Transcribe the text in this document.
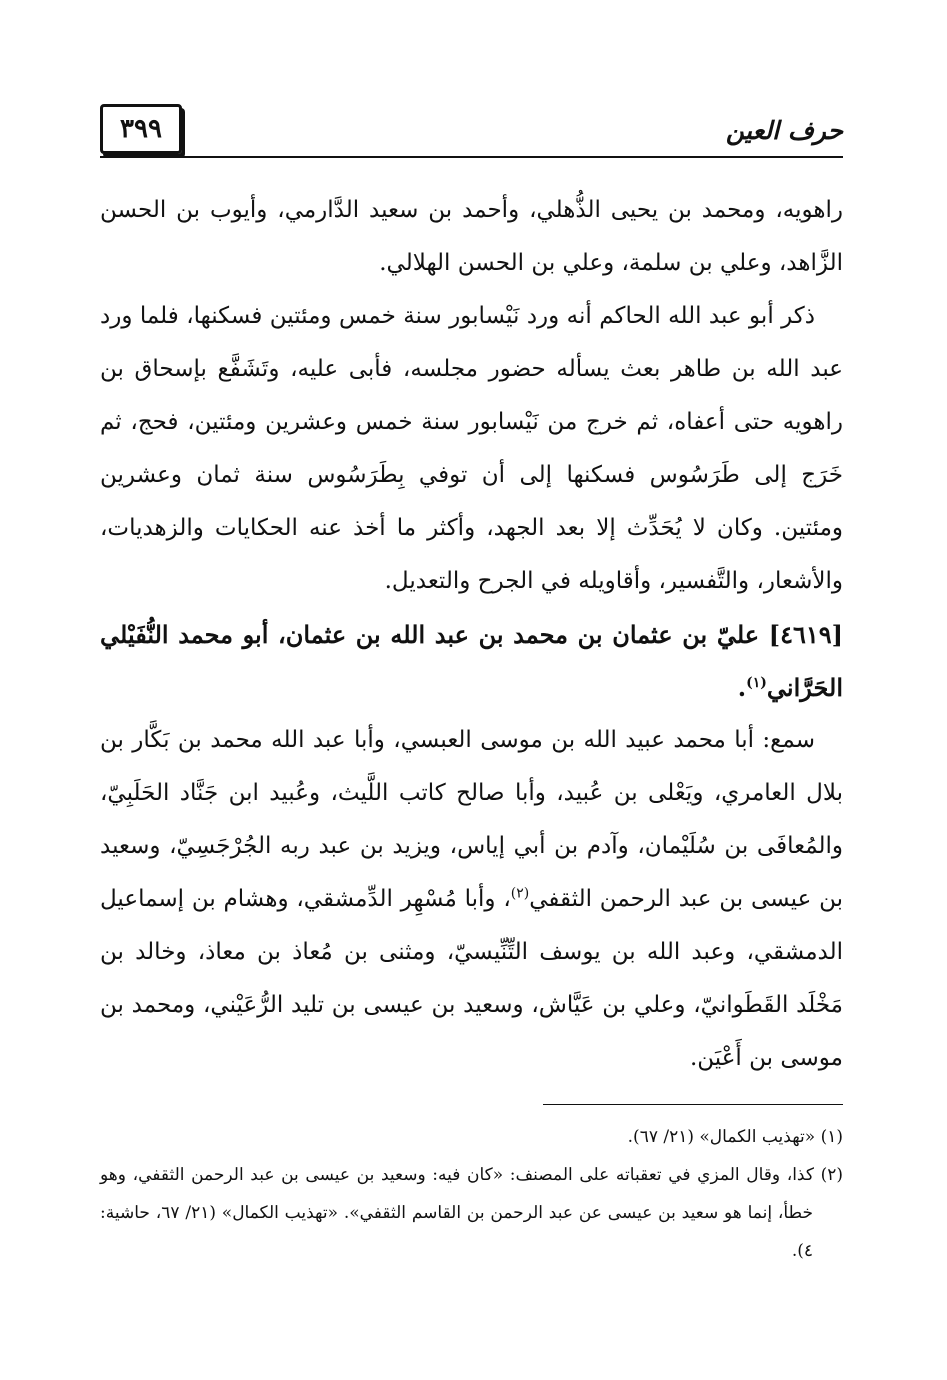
٣٩٩	حرف العين

راهويه، ومحمد بن يحيى الذُّهلي، وأحمد بن سعيد الدَّارمي، وأيوب بن الحسن الزَّاهد، وعلي بن سلمة، وعلي بن الحسن الهلالي.

ذكر أبو عبد الله الحاكم أنه ورد نَيْسابور سنة خمس ومئتين فسكنها، فلما ورد عبد الله بن طاهر بعث يسأله حضور مجلسه، فأبى عليه، وتَشَفَّع بإسحاق بن راهويه حتى أعفاه، ثم خرج من نَيْسابور سنة خمس وعشرين ومئتين، فحج، ثم خَرَج إلى طَرَسُوس فسكنها إلى أن توفي بِطَرَسُوس سنة ثمان وعشرين ومئتين. وكان لا يُحَدِّث إلا بعد الجهد، وأكثر ما أخذ عنه الحكايات والزهديات، والأشعار، والتَّفسير، وأقاويله في الجرح والتعديل.

[٤٦١٩] عليّ بن عثمان بن محمد بن عبد الله بن عثمان، أبو محمد النُّفَيْلي الحَرَّاني$^{(١)}$.

سمع: أبا محمد عبيد الله بن موسى العبسي، وأبا عبد الله محمد بن بَكَّار بن بلال العامري، ويَعْلى بن عُبيد، وأبا صالح كاتب اللَّيث، وعُبيد ابن جَنَّاد الحَلَبِيّ، والمُعافَى بن سُلَيْمان، وآدم بن أبي إياس، ويزيد بن عبد ربه الجُرْجَسِيّ، وسعيد بن عيسى بن عبد الرحمن الثقفي$^{(٢)}$، وأبا مُسْهِر الدِّمشقي، وهشام بن إسماعيل الدمشقي، وعبد الله بن يوسف التِّنِّيسيّ، ومثنى بن مُعاذ بن معاذ، وخالد بن مَخْلَد القَطَوانيّ، وعلي بن عَيَّاش، وسعيد بن عيسى بن تليد الرُّعَيْني، ومحمد بن موسى بن أَعْيَن.

(١) «تهذيب الكمال» (٢١/ ٦٧).

(٢) كذا، وقال المزي في تعقباته على المصنف: «كان فيه: وسعيد بن عيسى بن عبد الرحمن الثقفي، وهو خطأ، إنما هو سعيد بن عيسى عن عبد الرحمن بن القاسم الثقفي». «تهذيب الكمال» (٢١/ ٦٧، حاشية: ٤).
